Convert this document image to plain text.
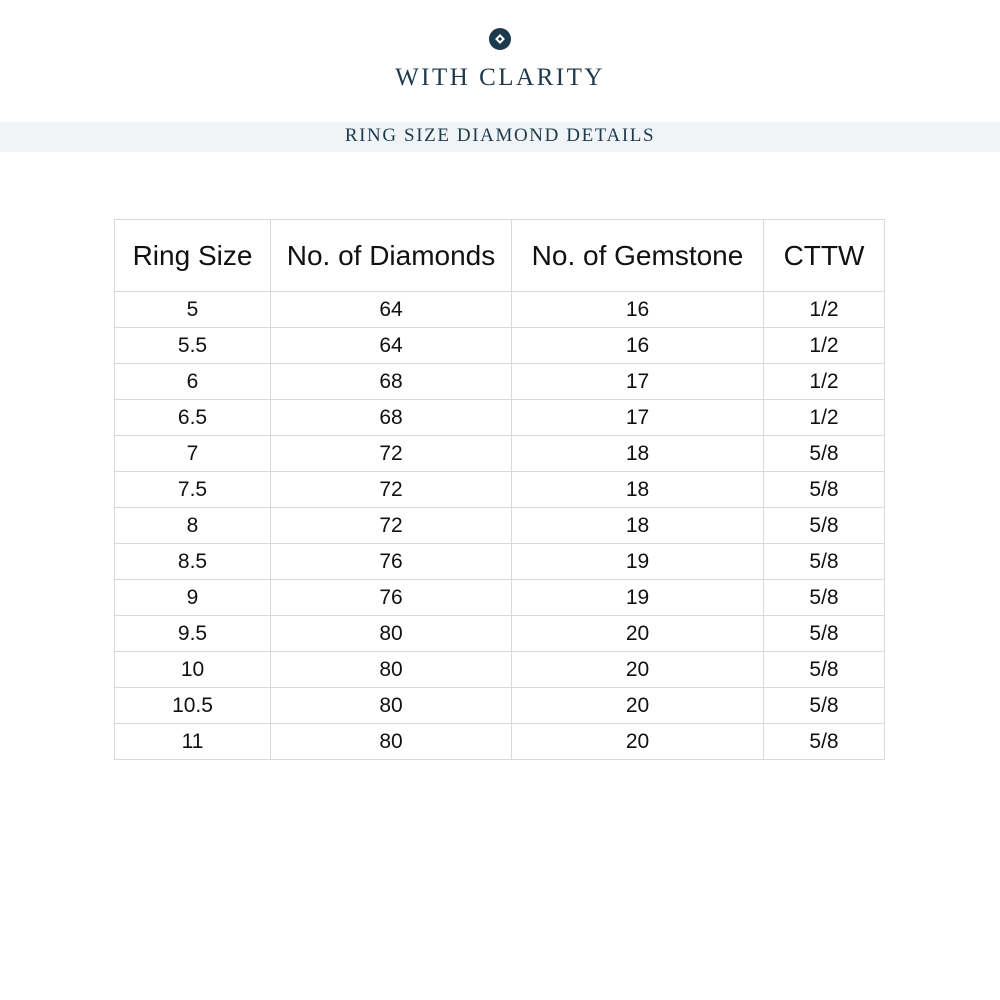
WITH CLARITY
RING SIZE DIAMOND DETAILS
Ring Size	No. of Diamonds	No. of Gemstone	CTTW
5	64	16	1/2
5.5	64	16	1/2
6	68	17	1/2
6.5	68	17	1/2
7	72	18	5/8
7.5	72	18	5/8
8	72	18	5/8
8.5	76	19	5/8
9	76	19	5/8
9.5	80	20	5/8
10	80	20	5/8
10.5	80	20	5/8
11	80	20	5/8
